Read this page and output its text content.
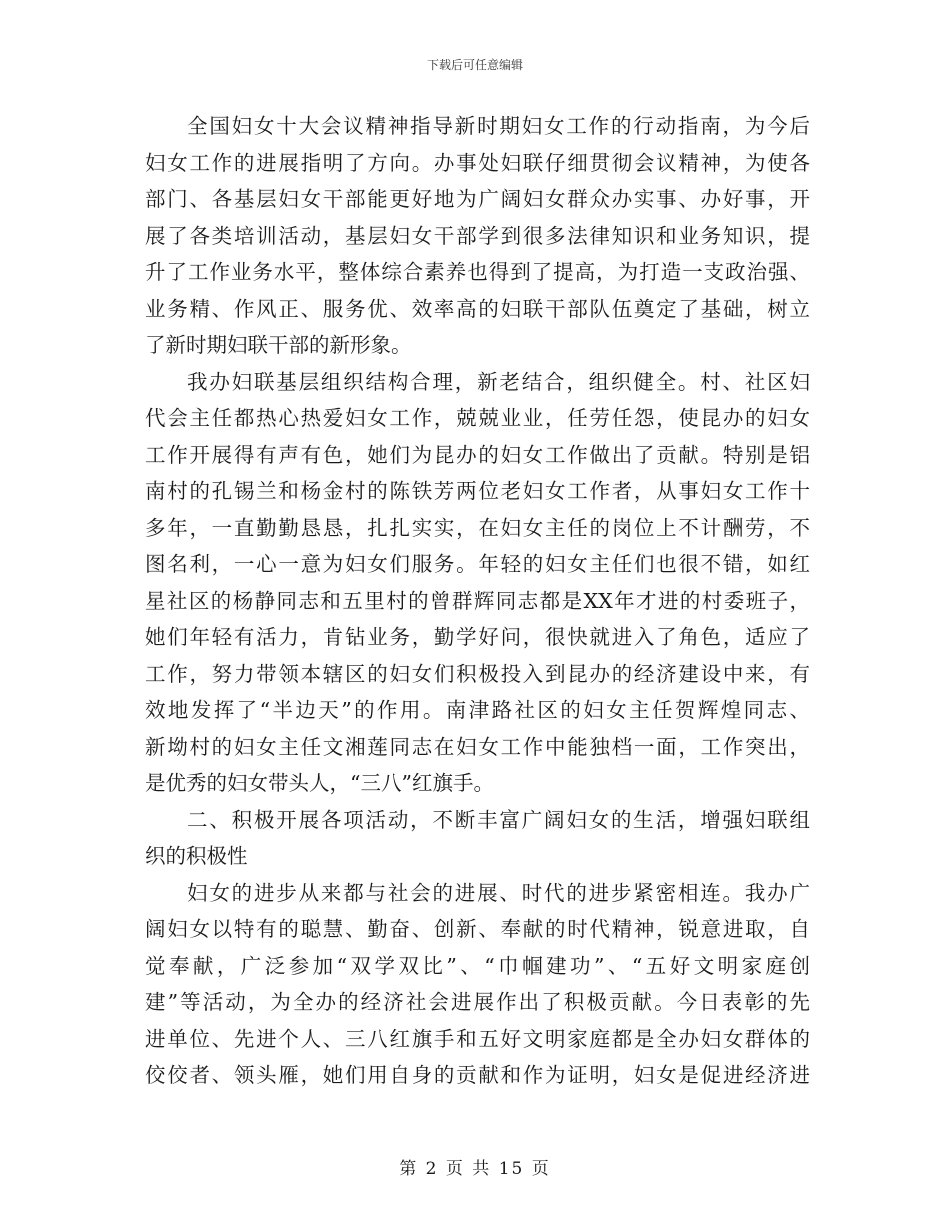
下载后可任意编辑
全国妇女十大会议精神指导新时期妇女工作的行动指南，为今后
妇女工作的进展指明了方向。办事处妇联仔细贯彻会议精神，为使各
部门、各基层妇女干部能更好地为广阔妇女群众办实事、办好事，开
展了各类培训活动，基层妇女干部学到很多法律知识和业务知识，提
升了工作业务水平，整体综合素养也得到了提高，为打造一支政治强、
业务精、作风正、服务优、效率高的妇联干部队伍奠定了基础，树立
了新时期妇联干部的新形象。
我办妇联基层组织结构合理，新老结合，组织健全。村、社区妇
代会主任都热心热爱妇女工作，兢兢业业，任劳任怨，使昆办的妇女
工作开展得有声有色，她们为昆办的妇女工作做出了贡献。特别是铝
南村的孔锡兰和杨金村的陈铁芳两位老妇女工作者，从事妇女工作十
多年，一直勤勤恳恳，扎扎实实，在妇女主任的岗位上不计酬劳，不
图名利，一心一意为妇女们服务。年轻的妇女主任们也很不错，如红
星社区的杨静同志和五里村的曾群辉同志都是XX年才进的村委班子，
她们年轻有活力，肯钻业务，勤学好问，很快就进入了角色，适应了
工作，努力带领本辖区的妇女们积极投入到昆办的经济建设中来，有
效地发挥了“半边天”的作用。南津路社区的妇女主任贺辉煌同志、
新坳村的妇女主任文湘莲同志在妇女工作中能独档一面，工作突出，
是优秀的妇女带头人，“三八”红旗手。
二、积极开展各项活动，不断丰富广阔妇女的生活，增强妇联组
织的积极性
妇女的进步从来都与社会的进展、时代的进步紧密相连。我办广
阔妇女以特有的聪慧、勤奋、创新、奉献的时代精神，锐意进取，自
觉奉献，广泛参加“双学双比”、“巾帼建功”、“五好文明家庭创
建”等活动，为全办的经济社会进展作出了积极贡献。今日表彰的先
进单位、先进个人、三八红旗手和五好文明家庭都是全办妇女群体的
佼佼者、领头雁，她们用自身的贡献和作为证明，妇女是促进经济进
第 2 页 共 15 页
